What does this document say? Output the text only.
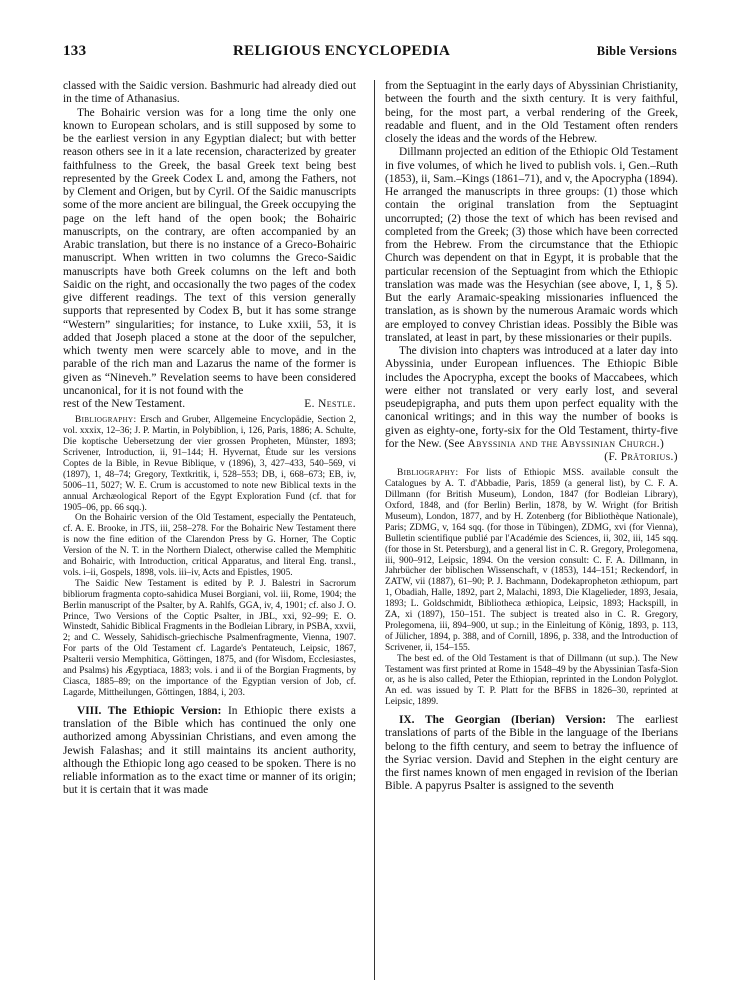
133	RELIGIOUS ENCYCLOPEDIA	Bible Versions

classed with the Saidic version. Bashmuric had already died out in the time of Athanasius.

The Bohairic version was for a long time the only one known to European scholars, and is still supposed by some to be the earliest version in any Egyptian dialect; but with better reason others see in it a late recension, characterized by greater faithfulness to the Greek, the basal Greek text being best represented by the Greek Codex L and, among the Fathers, not by Clement and Origen, but by Cyril. Of the Saidic manuscripts some of the more ancient are bilingual, the Greek occupying the page on the left hand of the open book; the Bohairic manuscripts, on the contrary, are often accompanied by an Arabic translation, but there is no instance of a Greco-Bohairic manuscript. When written in two columns the Greco-Saidic manuscripts have both Greek columns on the left and both Saidic on the right, and occasionally the two pages of the codex give different readings. The text of this version generally supports that represented by Codex B, but it has some strange “Western” singularities; for instance, to Luke xxiii, 53, it is added that Joseph placed a stone at the door of the sepulcher, which twenty men were scarcely able to move, and in the parable of the rich man and Lazarus the name of the former is given as “Nineveh.” Revelation seems to have been considered uncanonical, for it is not found with the

rest of the New Testament.	E. Nestle.

Bibliography: Ersch and Gruber, Allgemeine Encyclopädie, Section 2, vol. xxxix, 12–36; J. P. Martin, in Polybiblion, i, 126, Paris, 1886; A. Schulte, Die koptische Uebersetzung der vier grossen Propheten, Münster, 1893; Scrivener, Introduction, ii, 91–144; H. Hyvernat, Étude sur les versions Coptes de la Bible, in Revue Biblique, v (1896), 3, 427–433, 540–569, vi (1897), 1, 48–74; Gregory, Textkritik, i, 528–553; DB, i, 668–673; EB, iv, 5006–11, 5027; W. E. Crum is accustomed to note new Biblical texts in the annual Archæological Report of the Egypt Exploration Fund (cf. that for 1905–06, pp. 66 sqq.).

On the Bohairic version of the Old Testament, especially the Pentateuch, cf. A. E. Brooke, in JTS, iii, 258–278. For the Bohairic New Testament there is now the fine edition of the Clarendon Press by G. Horner, The Coptic Version of the N. T. in the Northern Dialect, otherwise called the Memphitic and Bohairic, with Introduction, critical Apparatus, and literal Eng. transl., vols. i–ii, Gospels, 1898, vols. iii–iv, Acts and Epistles, 1905.

The Saidic New Testament is edited by P. J. Balestri in Sacrorum bibliorum fragmenta copto-sahidica Musei Borgiani, vol. iii, Rome, 1904; the Berlin manuscript of the Psalter, by A. Rahlfs, GGA, iv, 4, 1901; cf. also J. O. Prince, Two Versions of the Coptic Psalter, in JBL, xxi, 92–99; E. O. Winstedt, Sahidic Biblical Fragments in the Bodleian Library, in PSBA, xxvii, 2; and C. Wessely, Sahidisch-griechische Psalmenfragmente, Vienna, 1907. For parts of the Old Testament cf. Lagarde's Pentateuch, Leipsic, 1867, Psalterii versio Memphitica, Göttingen, 1875, and (for Wisdom, Ecclesiastes, and Psalms) his Ægyptiaca, 1883; vols. i and ii of the Borgian Fragments, by Ciasca, 1885–89; on the importance of the Egyptian version of Job, cf. Lagarde, Mittheilungen, Göttingen, 1884, i, 203.

VIII. The Ethiopic Version: In Ethiopic there exists a translation of the Bible which has continued the only one authorized among Abyssinian Christians, and even among the Jewish Falashas; and it still maintains its ancient authority, although the Ethiopic long ago ceased to be spoken. There is no reliable information as to the exact time or manner of its origin; but it is certain that it was made

from the Septuagint in the early days of Abyssinian Christianity, between the fourth and the sixth century. It is very faithful, being, for the most part, a verbal rendering of the Greek, readable and fluent, and in the Old Testament often renders closely the ideas and the words of the Hebrew.

Dillmann projected an edition of the Ethiopic Old Testament in five volumes, of which he lived to publish vols. i, Gen.–Ruth (1853), ii, Sam.–Kings (1861–71), and v, the Apocrypha (1894). He arranged the manuscripts in three groups: (1) those which contain the original translation from the Septuagint uncorrupted; (2) those the text of which has been revised and completed from the Greek; (3) those which have been corrected from the Hebrew. From the circumstance that the Ethiopic Church was dependent on that in Egypt, it is probable that the particular recension of the Septuagint from which the Ethiopic translation was made was the Hesychian (see above, I, 1, § 5). But the early Aramaic-speaking missionaries influenced the translation, as is shown by the numerous Aramaic words which are employed to convey Christian ideas. Possibly the Bible was translated, at least in part, by these missionaries or their pupils.

The division into chapters was introduced at a later day into Abyssinia, under European influences. The Ethiopic Bible includes the Apocrypha, except the books of Maccabees, which were either not translated or very early lost, and several pseudepigrapha, and puts them upon perfect equality with the canonical writings; and in this way the number of books is given as eighty-one, forty-six for the Old Testament, thirty-five for the New. (See Abyssinia and the Abyssinian Church.)

(F. Prätorius.)

Bibliography: For lists of Ethiopic MSS. available consult the Catalogues by A. T. d'Abbadie, Paris, 1859 (a general list), by C. F. A. Dillmann (for British Museum), London, 1847 (for Bodleian Library), Oxford, 1848, and (for Berlin) Berlin, 1878, by W. Wright (for British Museum), London, 1877, and by H. Zotenberg (for Bibliothèque Nationale), Paris; ZDMG, v, 164 sqq. (for those in Tübingen), ZDMG, xvi (for Vienna), Bulletin scientifique publié par l'Académie des Sciences, ii, 302, iii, 145 sqq. (for those in St. Petersburg), and a general list in C. R. Gregory, Prolegomena, iii, 900–912, Leipsic, 1894. On the version consult: C. F. A. Dillmann, in Jahrbücher der biblischen Wissenschaft, v (1853), 144–151; Reckendorf, in ZATW, vii (1887), 61–90; P. J. Bachmann, Dodekapropheton æthiopum, part 1, Obadiah, Halle, 1892, part 2, Malachi, 1893, Die Klagelieder, 1893, Jesaia, 1893; L. Goldschmidt, Bibliotheca æthiopica, Leipsic, 1893; Hackspill, in ZA, xi (1897), 150–151. The subject is treated also in C. R. Gregory, Prolegomena, iii, 894–900, ut sup.; in the Einleitung of König, 1893, p. 113, of Jülicher, 1894, p. 388, and of Cornill, 1896, p. 338, and the Introduction of Scrivener, ii, 154–155.

The best ed. of the Old Testament is that of Dillmann (ut sup.). The New Testament was first printed at Rome in 1548–49 by the Abyssinian Tasfa-Sion or, as he is also called, Peter the Ethiopian, reprinted in the London Polyglot. An ed. was issued by T. P. Platt for the BFBS in 1826–30, reprinted at Leipsic, 1899.

IX. The Georgian (Iberian) Version: The earliest translations of parts of the Bible in the language of the Iberians belong to the fifth century, and seem to betray the influence of the Syriac version. David and Stephen in the eight century are the first names known of men engaged in revision of the Iberian Bible. A papyrus Psalter is assigned to the seventh
